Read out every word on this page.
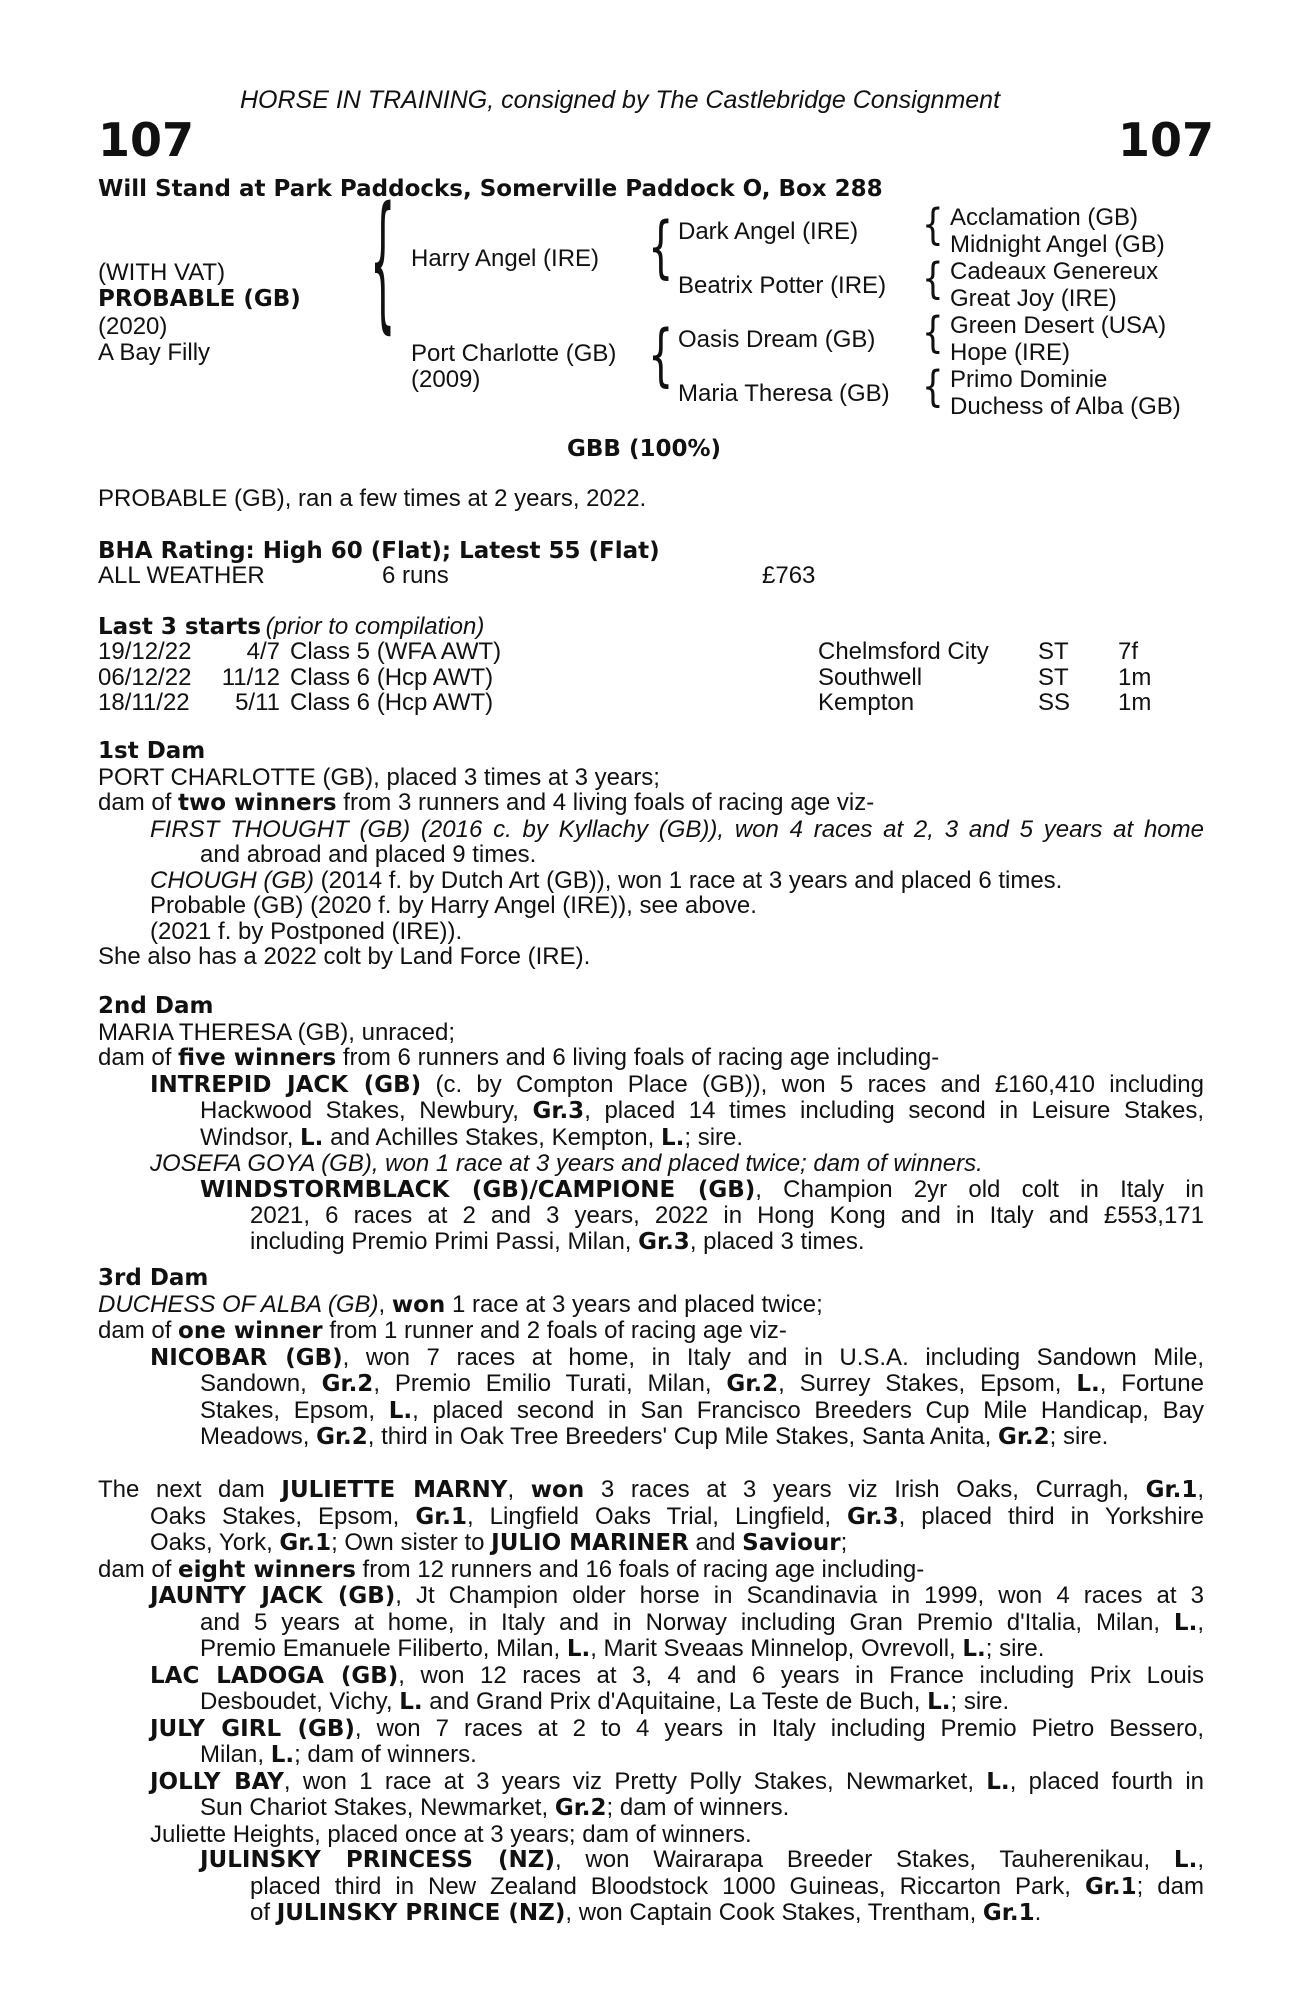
HORSE IN TRAINING, consigned by The Castlebridge Consignment
107	107
Will Stand at Park Paddocks, Somerville Paddock O, Box 288
(WITH VAT)
PROBABLE (GB)
(2020)
A Bay Filly
{ Harry Angel (IRE)
Port Charlotte (GB)
(2009)
{
{
Dark Angel (IRE)
Beatrix Potter (IRE)
Oasis Dream (GB)
Maria Theresa (GB)
{
{
{
{
Acclamation (GB)
Midnight Angel (GB)
Cadeaux Genereux
Great Joy (IRE)
Green Desert (USA)
Hope (IRE)
Primo Dominie
Duchess of Alba (GB)
GBB (100%)
PROBABLE (GB), ran a few times at 2 years, 2022.
BHA Rating: High 60 (Flat); Latest 55 (Flat)
ALL WEATHER	6 runs	£763
Last 3 starts (prior to compilation)
19/12/22	4/7 Class 5 (WFA AWT)	Chelmsford City ST 7f
06/12/22	11/12 Class 6 (Hcp AWT)	Southwell	ST 1m
18/11/22	5/11 Class 6 (Hcp AWT)	Kempton	SS 1m
1st Dam
PORT CHARLOTTE (GB), placed 3 times at 3 years;
dam of two winners from 3 runners and 4 living foals of racing age viz-
FIRST THOUGHT (GB) (2016 c. by Kyllachy (GB)), won 4 races at 2, 3 and 5 years at home
and abroad and placed 9 times.
CHOUGH (GB) (2014 f. by Dutch Art (GB)), won 1 race at 3 years and placed 6 times.
Probable (GB) (2020 f. by Harry Angel (IRE)), see above.
(2021 f. by Postponed (IRE)).
She also has a 2022 colt by Land Force (IRE).
2nd Dam
MARIA THERESA (GB), unraced;
dam of five winners from 6 runners and 6 living foals of racing age including-
INTREPID JACK (GB) (c. by Compton Place (GB)), won 5 races and £160,410 including
Hackwood Stakes, Newbury, Gr.3, placed 14 times including second in Leisure Stakes,
Windsor, L. and Achilles Stakes, Kempton, L.; sire.
JOSEFA GOYA (GB), won 1 race at 3 years and placed twice; dam of winners.
WINDSTORMBLACK (GB)/CAMPIONE (GB), Champion 2yr old colt in Italy in
2021, 6 races at 2 and 3 years, 2022 in Hong Kong and in Italy and £553,171
including Premio Primi Passi, Milan, Gr.3, placed 3 times.
3rd Dam
DUCHESS OF ALBA (GB), won 1 race at 3 years and placed twice;
dam of one winner from 1 runner and 2 foals of racing age viz-
NICOBAR (GB), won 7 races at home, in Italy and in U.S.A. including Sandown Mile,
Sandown, Gr.2, Premio Emilio Turati, Milan, Gr.2, Surrey Stakes, Epsom, L., Fortune
Stakes, Epsom, L., placed second in San Francisco Breeders Cup Mile Handicap, Bay
Meadows, Gr.2, third in Oak Tree Breeders' Cup Mile Stakes, Santa Anita, Gr.2; sire.
The next dam JULIETTE MARNY, won 3 races at 3 years viz Irish Oaks, Curragh, Gr.1,
Oaks Stakes, Epsom, Gr.1, Lingfield Oaks Trial, Lingfield, Gr.3, placed third in Yorkshire
Oaks, York, Gr.1; Own sister to JULIO MARINER and Saviour;
dam of eight winners from 12 runners and 16 foals of racing age including-
JAUNTY JACK (GB), Jt Champion older horse in Scandinavia in 1999, won 4 races at 3
and 5 years at home, in Italy and in Norway including Gran Premio d'Italia, Milan, L.,
Premio Emanuele Filiberto, Milan, L., Marit Sveaas Minnelop, Ovrevoll, L.; sire.
LAC LADOGA (GB), won 12 races at 3, 4 and 6 years in France including Prix Louis
Desboudet, Vichy, L. and Grand Prix d'Aquitaine, La Teste de Buch, L.; sire.
JULY GIRL (GB), won 7 races at 2 to 4 years in Italy including Premio Pietro Bessero,
Milan, L.; dam of winners.
JOLLY BAY, won 1 race at 3 years viz Pretty Polly Stakes, Newmarket, L., placed fourth in
Sun Chariot Stakes, Newmarket, Gr.2; dam of winners.
Juliette Heights, placed once at 3 years; dam of winners.
JULINSKY PRINCESS (NZ), won Wairarapa Breeder Stakes, Tauherenikau, L.,
placed third in New Zealand Bloodstock 1000 Guineas, Riccarton Park, Gr.1; dam
of JULINSKY PRINCE (NZ), won Captain Cook Stakes, Trentham, Gr.1.
